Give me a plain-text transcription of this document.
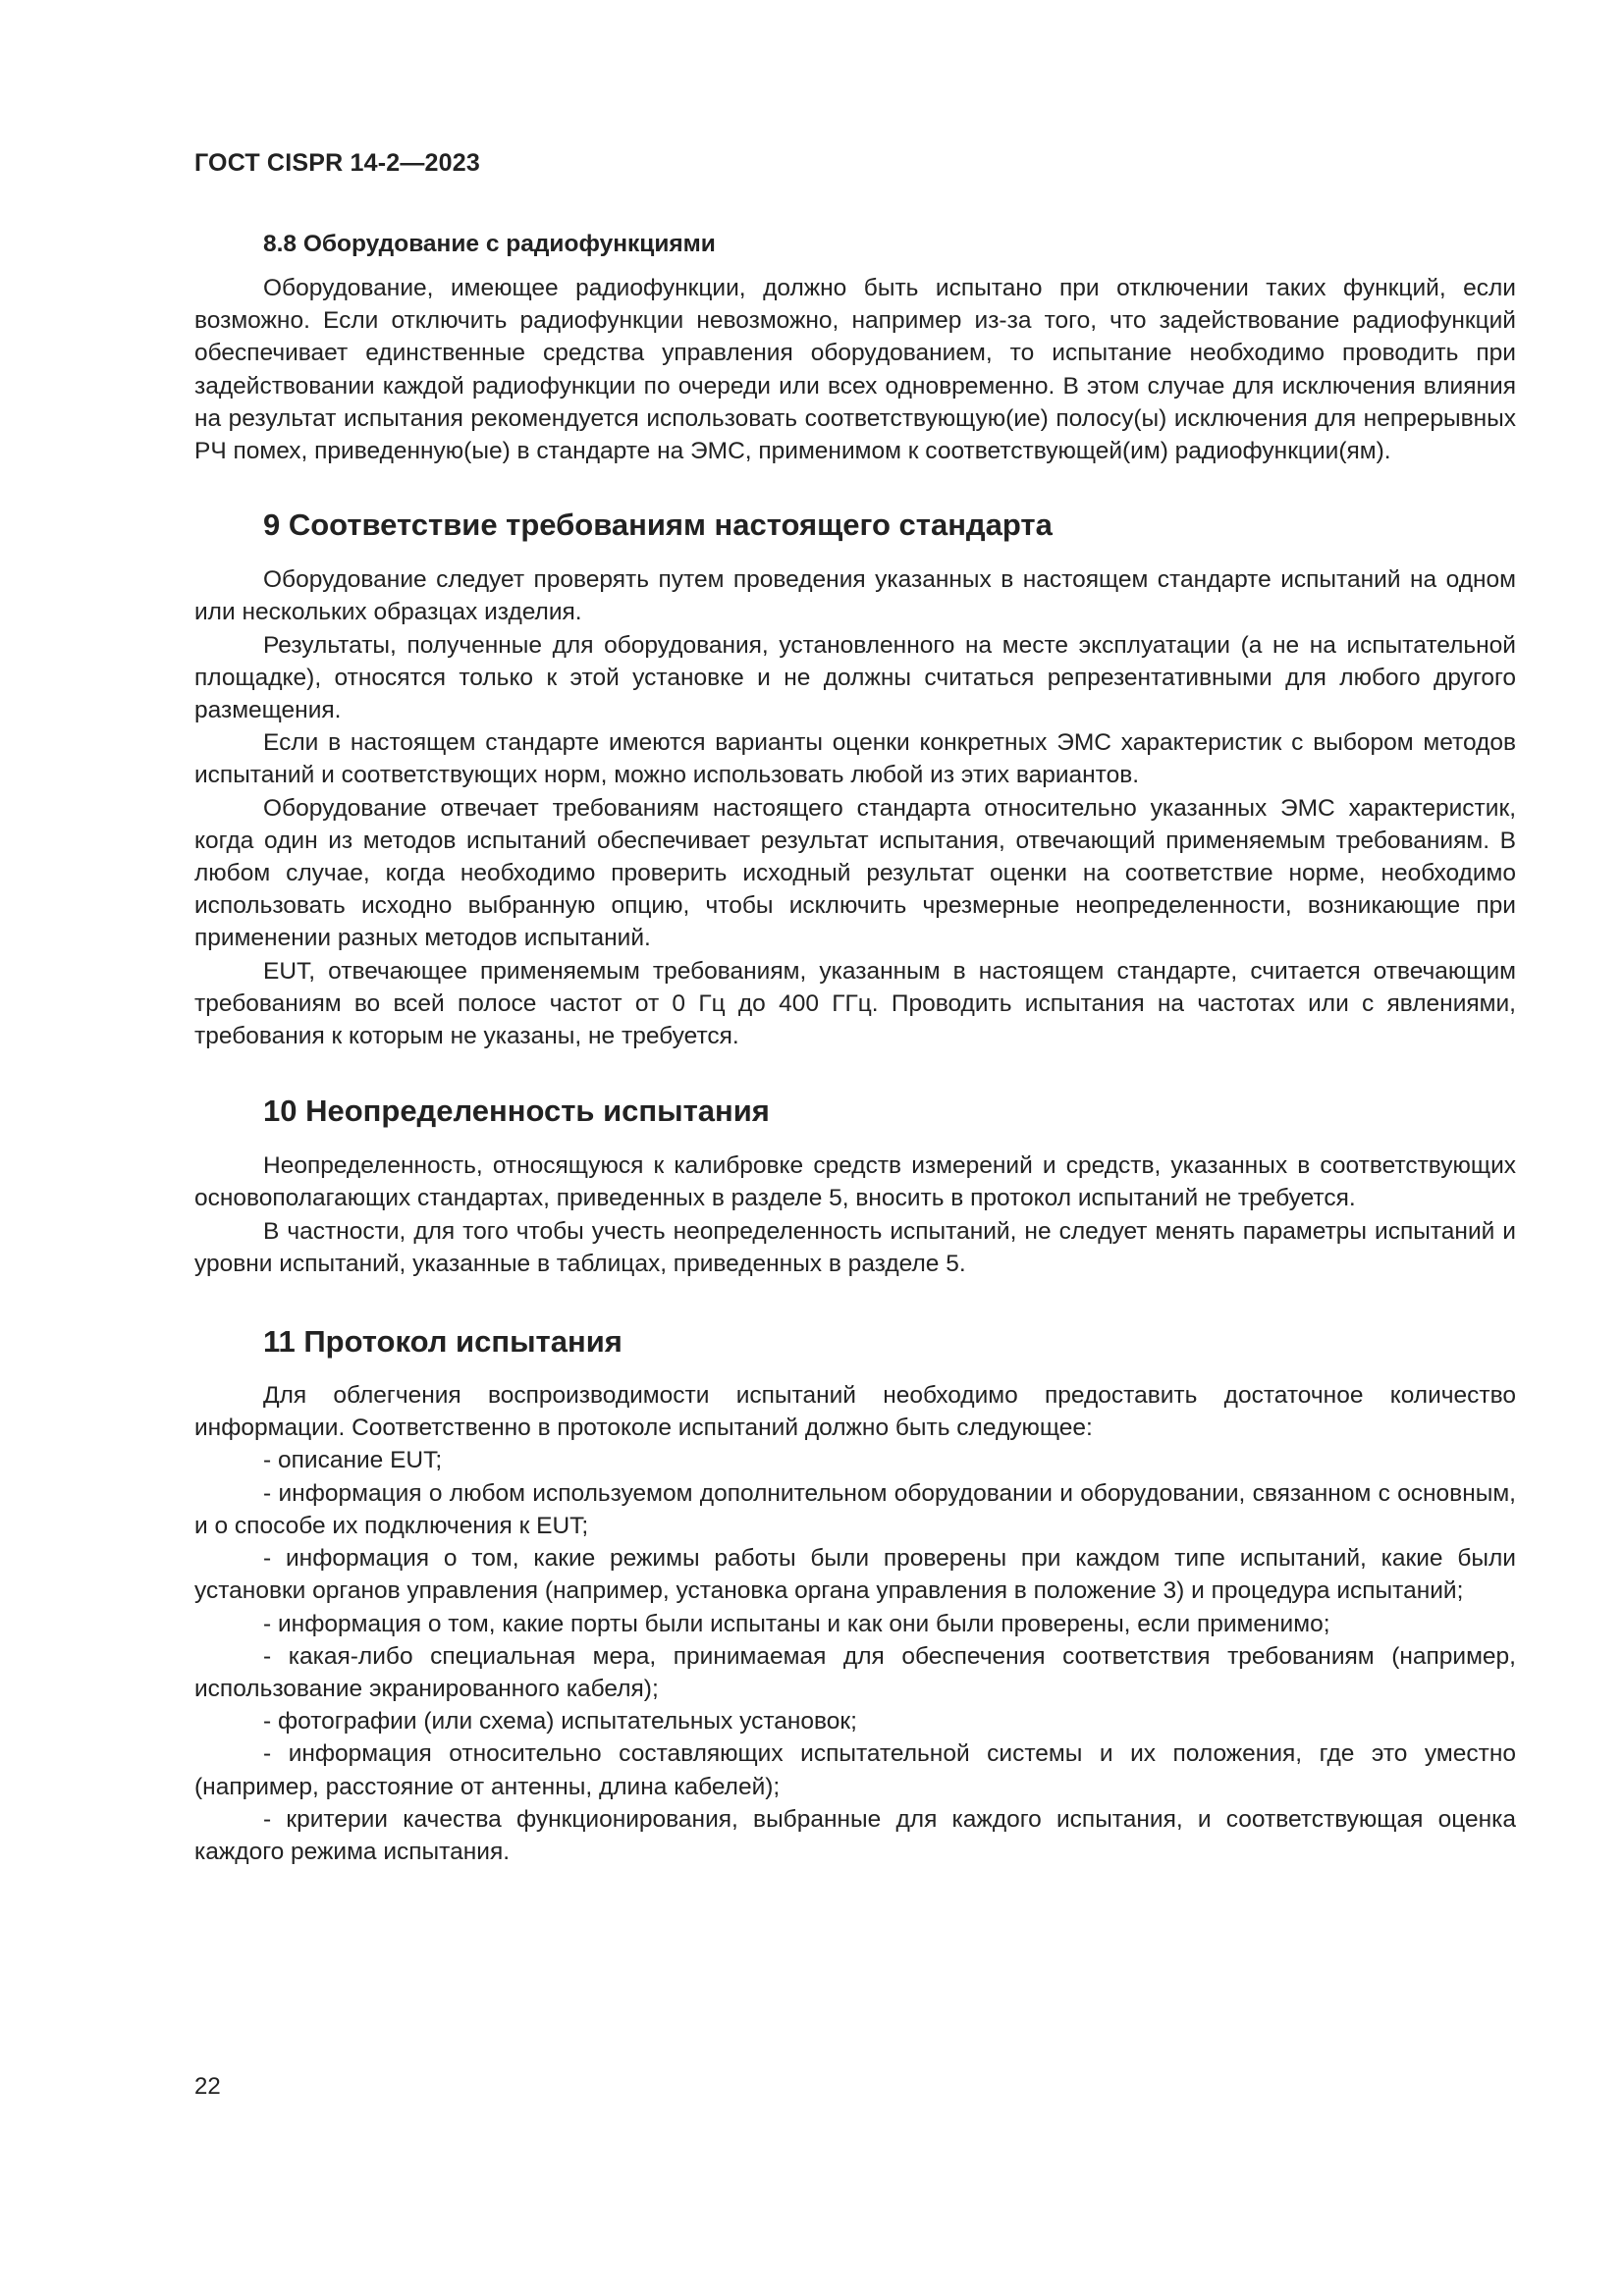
ГОСТ CISPR 14-2—2023
8.8 Оборудование с радиофункциями

Оборудование, имеющее радиофункции, должно быть испытано при отключении таких функций, если возможно. Если отключить радиофункции невозможно, например из-за того, что задействование радиофункций обеспечивает единственные средства управления оборудованием, то испытание необходимо проводить при задействовании каждой радиофункции по очереди или всех одновременно. В этом случае для исключения влияния на результат испытания рекомендуется использовать соответствующую(ие) полосу(ы) исключения для непрерывных РЧ помех, приведенную(ые) в стандарте на ЭМС, применимом к соответствующей(им) радиофункции(ям).

9 Соответствие требованиям настоящего стандарта

Оборудование следует проверять путем проведения указанных в настоящем стандарте испытаний на одном или нескольких образцах изделия.

Результаты, полученные для оборудования, установленного на месте эксплуатации (а не на испытательной площадке), относятся только к этой установке и не должны считаться репрезентативными для любого другого размещения.

Если в настоящем стандарте имеются варианты оценки конкретных ЭМС характеристик с выбором методов испытаний и соответствующих норм, можно использовать любой из этих вариантов.

Оборудование отвечает требованиям настоящего стандарта относительно указанных ЭМС характеристик, когда один из методов испытаний обеспечивает результат испытания, отвечающий применяемым требованиям. В любом случае, когда необходимо проверить исходный результат оценки на соответствие норме, необходимо использовать исходно выбранную опцию, чтобы исключить чрезмерные неопределенности, возникающие при применении разных методов испытаний.

EUT, отвечающее применяемым требованиям, указанным в настоящем стандарте, считается отвечающим требованиям во всей полосе частот от 0 Гц до 400 ГГц. Проводить испытания на частотах или с явлениями, требования к которым не указаны, не требуется.

10 Неопределенность испытания

Неопределенность, относящуюся к калибровке средств измерений и средств, указанных в соответствующих основополагающих стандартах, приведенных в разделе 5, вносить в протокол испытаний не требуется.

В частности, для того чтобы учесть неопределенность испытаний, не следует менять параметры испытаний и уровни испытаний, указанные в таблицах, приведенных в разделе 5.

11 Протокол испытания

Для облегчения воспроизводимости испытаний необходимо предоставить достаточное количество информации. Соответственно в протоколе испытаний должно быть следующее:

- описание EUT;

- информация о любом используемом дополнительном оборудовании и оборудовании, связанном с основным, и о способе их подключения к EUT;

- информация о том, какие режимы работы были проверены при каждом типе испытаний, какие были установки органов управления (например, установка органа управления в положение 3) и процедура испытаний;

- информация о том, какие порты были испытаны и как они были проверены, если применимо;

- какая-либо специальная мера, принимаемая для обеспечения соответствия требованиям (например, использование экранированного кабеля);

- фотографии (или схема) испытательных установок;

- информация относительно составляющих испытательной системы и их положения, где это уместно (например, расстояние от антенны, длина кабелей);

- критерии качества функционирования, выбранные для каждого испытания, и соответствующая оценка каждого режима испытания.

22
